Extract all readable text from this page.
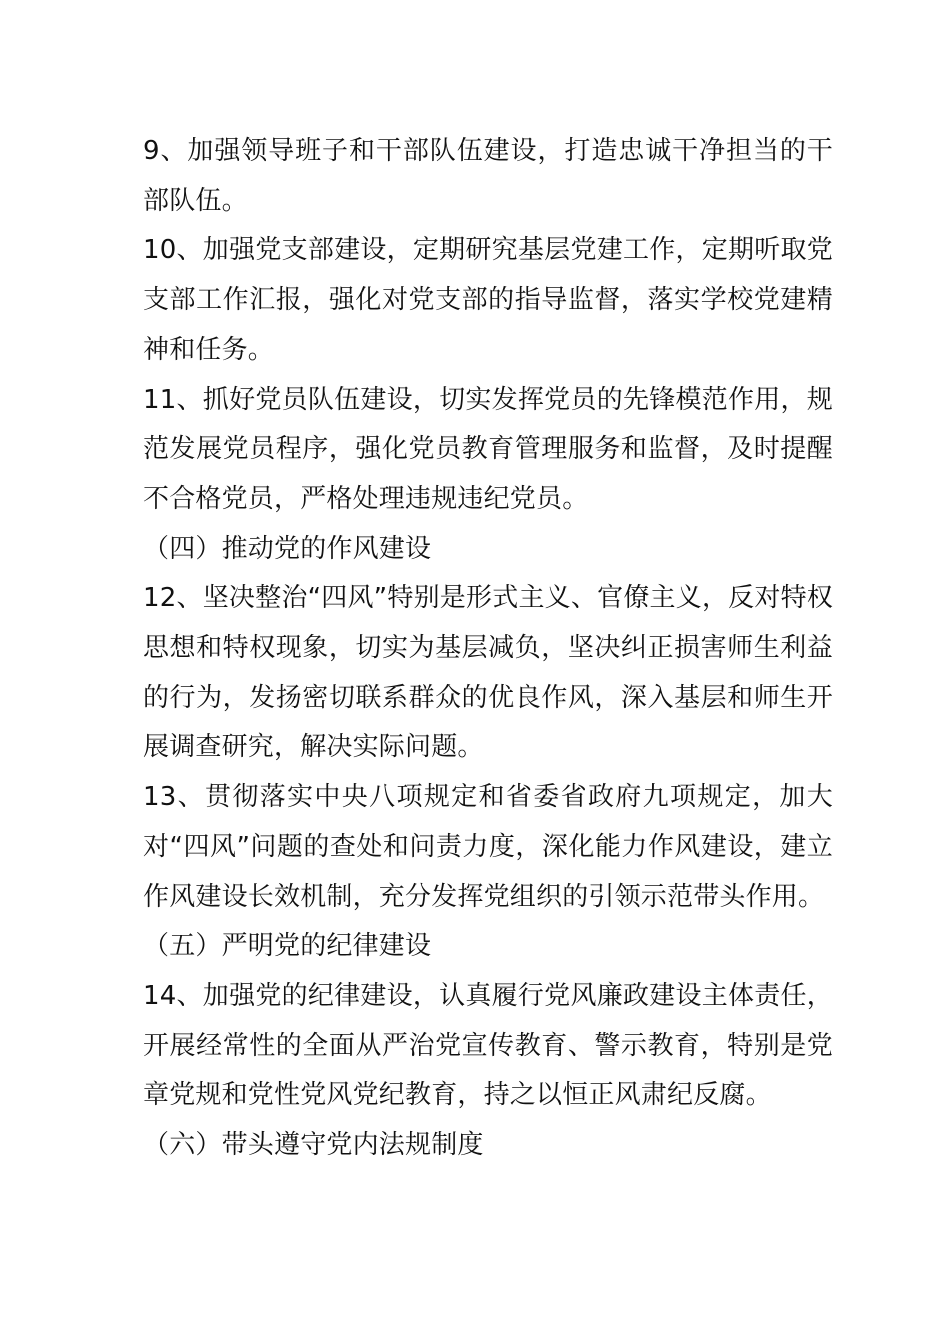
9、加强领导班子和干部队伍建设，打造忠诚干净担当的干部队伍。

10、加强党支部建设，定期研究基层党建工作，定期听取党支部工作汇报，强化对党支部的指导监督，落实学校党建精神和任务。

11、抓好党员队伍建设，切实发挥党员的先锋模范作用，规范发展党员程序，强化党员教育管理服务和监督，及时提醒不合格党员，严格处理违规违纪党员。

（四）推动党的作风建设

12、坚决整治“四风”特别是形式主义、官僚主义，反对特权思想和特权现象，切实为基层减负，坚决纠正损害师生利益的行为，发扬密切联系群众的优良作风，深入基层和师生开展调查研究，解决实际问题。

13、贯彻落实中央八项规定和省委省政府九项规定，加大对“四风”问题的查处和问责力度，深化能力作风建设，建立作风建设长效机制，充分发挥党组织的引领示范带头作用。

（五）严明党的纪律建设

14、加强党的纪律建设，认真履行党风廉政建设主体责任，开展经常性的全面从严治党宣传教育、警示教育，特别是党章党规和党性党风党纪教育，持之以恒正风肃纪反腐。

（六）带头遵守党内法规制度
